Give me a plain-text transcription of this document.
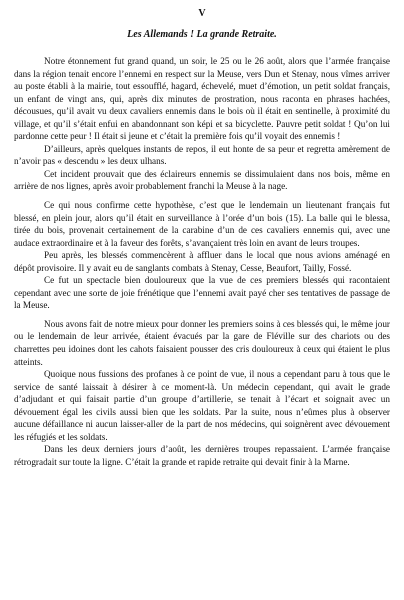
V
Les Allemands ! La grande Retraite.

Notre étonnement fut grand quand, un soir, le 25 ou le 26 août, alors que l’armée française dans la région tenait encore l’ennemi en respect sur la Meuse, vers Dun et Stenay, nous vîmes arriver au poste établi à la mairie, tout essoufflé, hagard, échevelé, muet d’émotion, un petit soldat français, un enfant de vingt ans, qui, après dix minutes de prostration, nous raconta en phrases hachées, décousues, qu’il avait vu deux cavaliers ennemis dans le bois où il était en sentinelle, à proximité du village, et qu’il s’était enfui en abandonnant son képi et sa bicyclette. Pauvre petit soldat ! Qu’on lui pardonne cette peur ! Il était si jeune et c’était la première fois qu’il voyait des ennemis !

D’ailleurs, après quelques instants de repos, il eut honte de sa peur et regretta amèrement de n’avoir pas « descendu » les deux ulhans.

Cet incident prouvait que des éclaireurs ennemis se dissimulaient dans nos bois, même en arrière de nos lignes, après avoir probablement franchi la Meuse à la nage.

Ce qui nous confirme cette hypothèse, c’est que le lendemain un lieutenant français fut blessé, en plein jour, alors qu’il était en surveillance à l’orée d’un bois (15). La balle qui le blessa, tirée du bois, provenait certainement de la carabine d’un de ces cavaliers ennemis qui, avec une audace extraordinaire et à la faveur des forêts, s’avançaient très loin en avant de leurs troupes.

Peu après, les blessés commencèrent à affluer dans le local que nous avions aménagé en dépôt provisoire. Il y avait eu de sanglants combats à Stenay, Cesse, Beaufort, Tailly, Fossé.

Ce fut un spectacle bien douloureux que la vue de ces premiers blessés qui racontaient cependant avec une sorte de joie frénétique que l’ennemi avait payé cher ses tentatives de passage de la Meuse.

Nous avons fait de notre mieux pour donner les premiers soins à ces blessés qui, le même jour ou le lendemain de leur arrivée, étaient évacués par la gare de Fléville sur des chariots ou des charrettes peu idoines dont les cahots faisaient pousser des cris douloureux à ceux qui étaient le plus atteints.

Quoique nous fussions des profanes à ce point de vue, il nous a cependant paru à tous que le service de santé laissait à désirer à ce moment-là. Un médecin cependant, qui avait le grade d’adjudant et qui faisait partie d’un groupe d’artillerie, se tenait à l’écart et soignait avec un dévouement égal les civils aussi bien que les soldats. Par la suite, nous n’eûmes plus à observer aucune défaillance ni aucun laisser-aller de la part de nos médecins, qui soignèrent avec dévouement les réfugiés et les soldats.

Dans les deux derniers jours d’août, les dernières troupes repassaient. L’armée française rétrogradait sur toute la ligne. C’était la grande et rapide retraite qui devait finir à la Marne.
